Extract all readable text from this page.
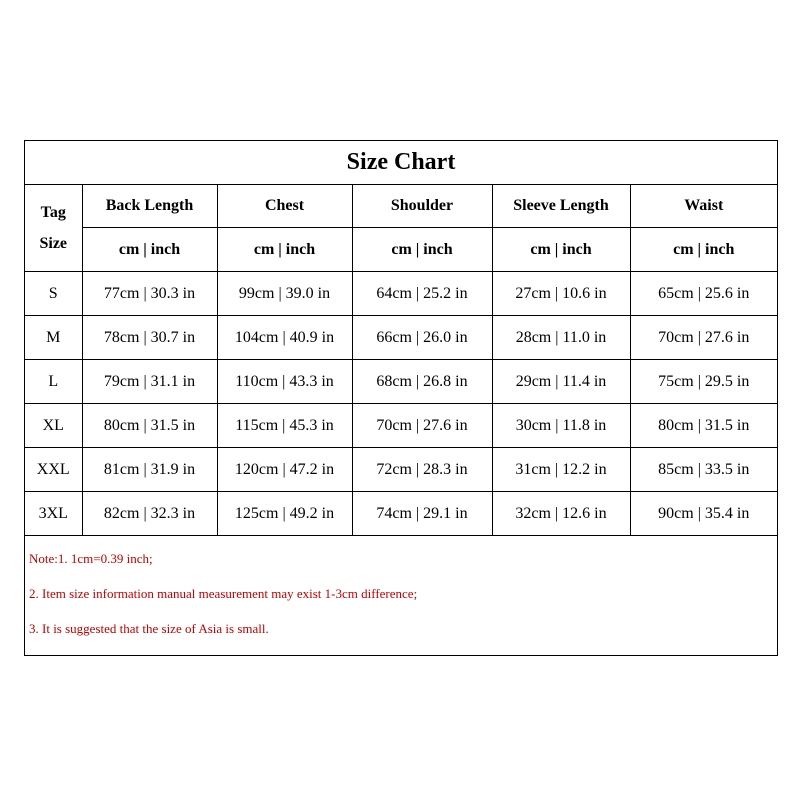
Size Chart
Tag
Size	Back Length	Chest	Shoulder	Sleeve Length	Waist
	cm | inch	cm | inch	cm | inch	cm | inch	cm | inch
S	77cm | 30.3 in	99cm | 39.0 in	64cm | 25.2 in	27cm | 10.6 in	65cm | 25.6 in
M	78cm | 30.7 in	104cm | 40.9 in	66cm | 26.0 in	28cm | 11.0 in	70cm | 27.6 in
L	79cm | 31.1 in	110cm | 43.3 in	68cm | 26.8 in	29cm | 11.4 in	75cm | 29.5 in
XL	80cm | 31.5 in	115cm | 45.3 in	70cm | 27.6 in	30cm | 11.8 in	80cm | 31.5 in
XXL	81cm | 31.9 in	120cm | 47.2 in	72cm | 28.3 in	31cm | 12.2 in	85cm | 33.5 in
3XL	82cm | 32.3 in	125cm | 49.2 in	74cm | 29.1 in	32cm | 12.6 in	90cm | 35.4 in
Note:1. 1cm=0.39 inch;
2. Item size information manual measurement may exist 1-3cm difference;
3. It is suggested that the size of Asia is small.
